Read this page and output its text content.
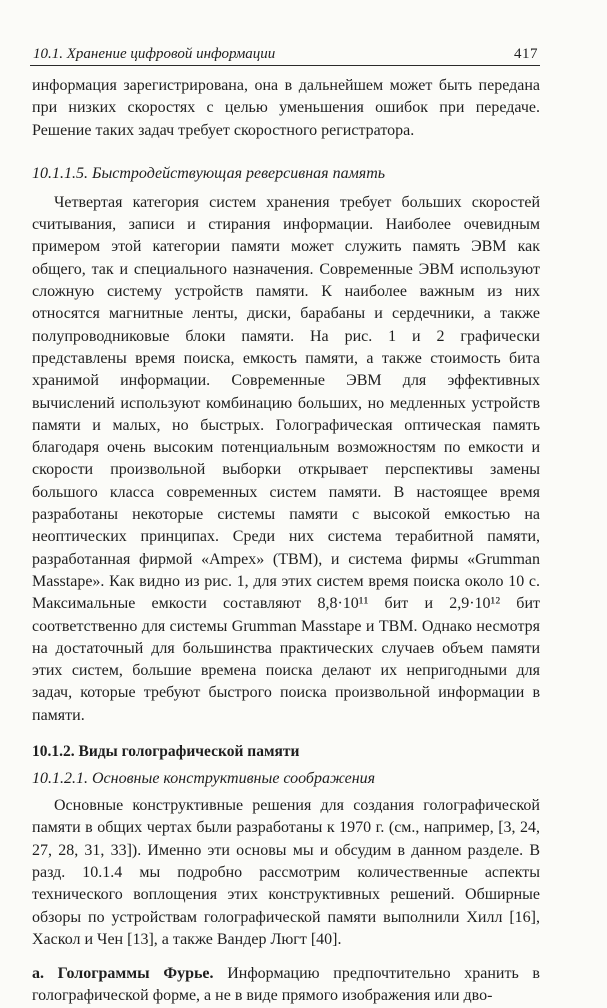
10.1. Хранение цифровой информации	417

информация зарегистрирована, она в дальнейшем может быть передана при низких скоростях с целью уменьшения ошибок при передаче. Решение таких задач требует скоростного регистратора.

10.1.1.5. Быстродействующая реверсивная память

Четвертая категория систем хранения требует больших скоростей считывания, записи и стирания информации. Наиболее очевидным примером этой категории памяти может служить память ЭВМ как общего, так и специального назначения. Современные ЭВМ используют сложную систему устройств памяти. К наиболее важным из них относятся магнитные ленты, диски, барабаны и сердечники, а также полупроводниковые блоки памяти. На рис. 1 и 2 графически представлены время поиска, емкость памяти, а также стоимость бита хранимой информации. Современные ЭВМ для эффективных вычислений используют комбинацию больших, но медленных устройств памяти и малых, но быстрых. Голографическая оптическая память благодаря очень высоким потенциальным возможностям по емкости и скорости произвольной выборки открывает перспективы замены большого класса современных систем памяти. В настоящее время разработаны некоторые системы памяти с высокой емкостью на неоптических принципах. Среди них система терабитной памяти, разработанная фирмой «Ampex» (ТВМ), и система фирмы «Grumman Masstape». Как видно из рис. 1, для этих систем время поиска около 10 с. Максимальные емкости составляют 8,8·10¹¹ бит и 2,9·10¹² бит соответственно для системы Grumman Masstape и ТВМ. Однако несмотря на достаточный для большинства практических случаев объем памяти этих систем, большие времена поиска делают их непригодными для задач, которые требуют быстрого поиска произвольной информации в памяти.

10.1.2. Виды голографической памяти
10.1.2.1. Основные конструктивные соображения

Основные конструктивные решения для создания голографической памяти в общих чертах были разработаны к 1970 г. (см., например, [3, 24, 27, 28, 31, 33]). Именно эти основы мы и обсудим в данном разделе. В разд. 10.1.4 мы подробно рассмотрим количественные аспекты технического воплощения этих конструктивных решений. Обширные обзоры по устройствам голографической памяти выполнили Хилл [16], Хаскол и Чен [13], а также Вандер Люгт [40].

а. Голограммы Фурье. Информацию предпочтительно хранить в голографической форме, а не в виде прямого изображения или дво-
